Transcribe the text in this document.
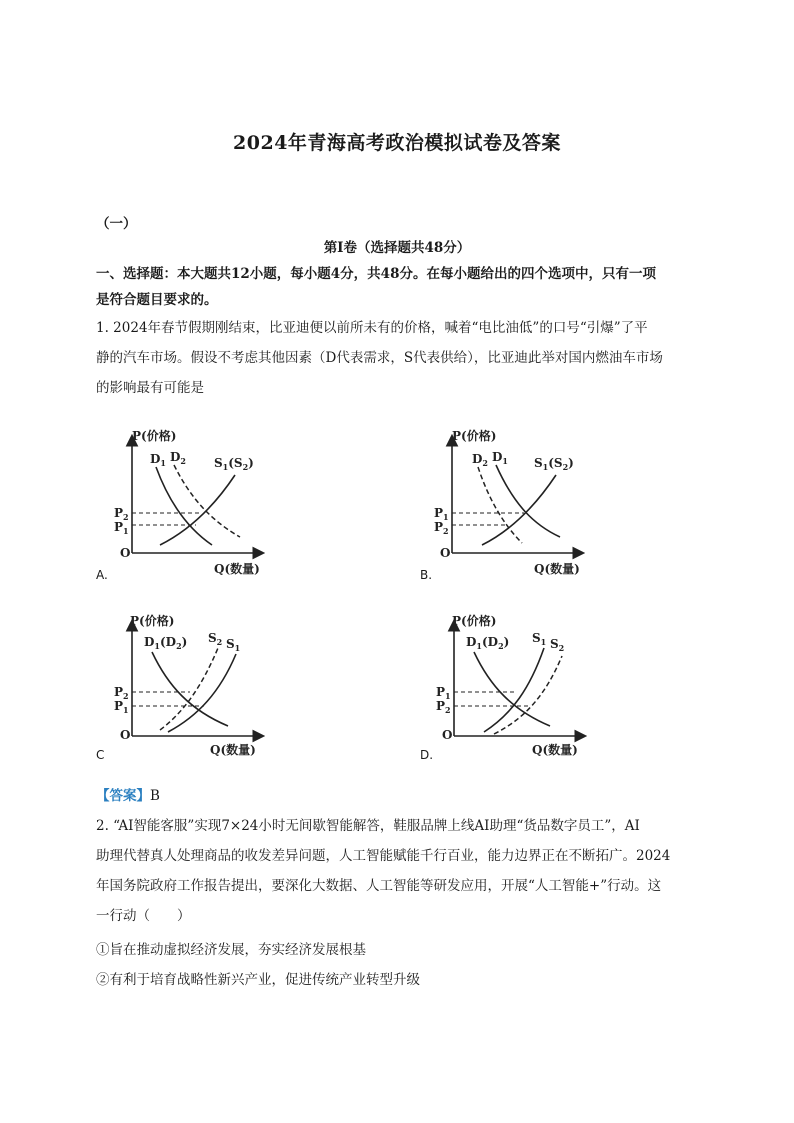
2024年青海高考政治模拟试卷及答案
（一）
第Ⅰ卷（选择题共48分）
一、选择题：本大题共12小题，每小题4分，共48分。在每小题给出的四个选项中，只有一项
是符合题目要求的。
1. 2024年春节假期刚结束，比亚迪便以前所未有的价格，喊着“电比油低”的口号“引爆”了平
静的汽车市场。假设不考虑其他因素（D代表需求，S代表供给），比亚迪此举对国内燃油车市场
的影响最有可能是
P(价格)
Q(数量)
O
$D_1$ $D_2$ $S_1(S_2)$
$P_2$
$P_1$
A.
P(价格)
Q(数量)
O
$D_2$ $D_1$ $S_1(S_2)$
$P_1$
$P_2$
B.
P(价格)
Q(数量)
O
$D_1(D_2)$ $S_2$ $S_1$
$P_2$
$P_1$
C
P(价格)
Q(数量)
O
$D_1(D_2)$ $S_1$ $S_2$
$P_1$
$P_2$
D.
【答案】B
2. “AI智能客服”实现7×24小时无间歇智能解答，鞋服品牌上线AI助理“货品数字员工”，AI
助理代替真人处理商品的收发差异问题，人工智能赋能千行百业，能力边界正在不断拓广。2024
年国务院政府工作报告提出，要深化大数据、人工智能等研发应用，开展“人工智能+”行动。这
一行动（　　）
①旨在推动虚拟经济发展，夯实经济发展根基
②有利于培育战略性新兴产业，促进传统产业转型升级
